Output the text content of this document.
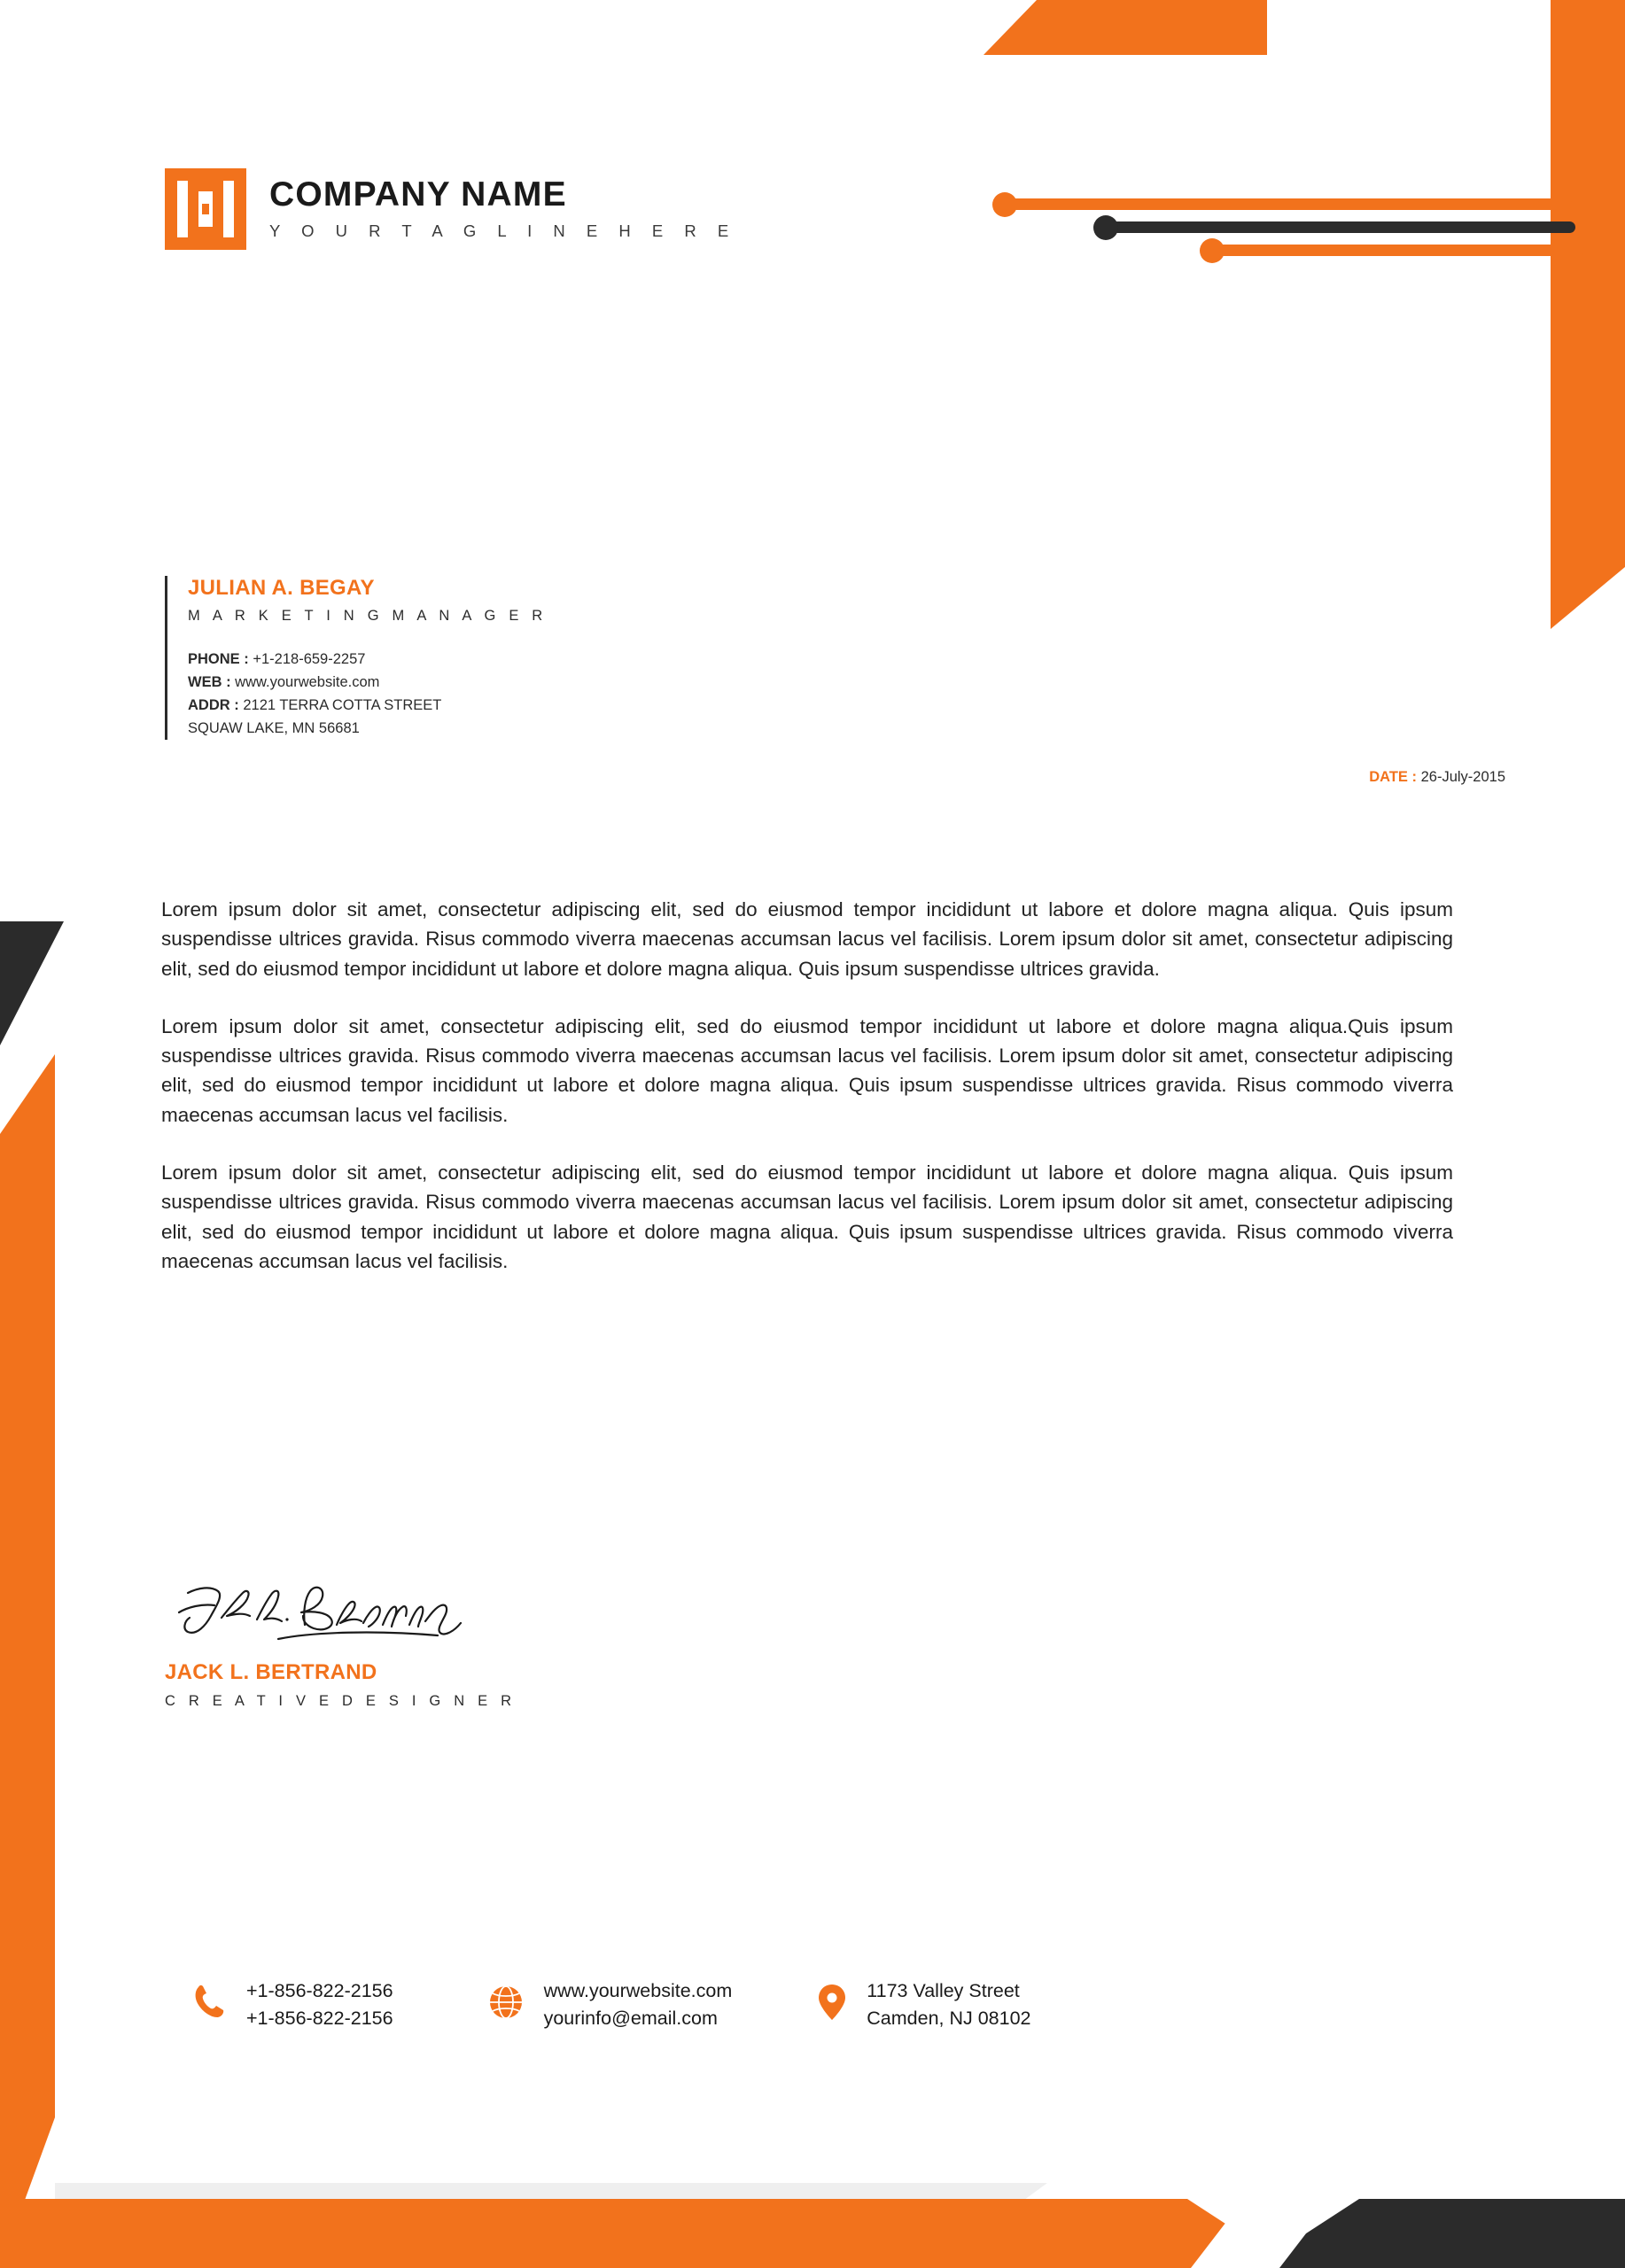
COMPANY NAME
Y O U R T A G L I N E H E R E
JULIAN A. BEGAY
M A R K E T I N G M A N A G E R
PHONE : +1-218-659-2257
WEB : www.yourwebsite.com
ADDR : 2121 TERRA COTTA STREET
SQUAW LAKE, MN 56681
DATE : 26-July-2015

Lorem ipsum dolor sit amet, consectetur adipiscing elit, sed do eiusmod tempor incididunt ut labore et dolore magna aliqua. Quis ipsum suspendisse ultrices gravida. Risus commodo viverra maecenas accumsan lacus vel facilisis. Lorem ipsum dolor sit amet, consectetur adipiscing elit, sed do eiusmod tempor incididunt ut labore et dolore magna aliqua. Quis ipsum suspendisse ultrices gravida.

Lorem ipsum dolor sit amet, consectetur adipiscing elit, sed do eiusmod tempor incididunt ut labore et dolore magna aliqua.Quis ipsum suspendisse ultrices gravida. Risus commodo viverra maecenas accumsan lacus vel facilisis. Lorem ipsum dolor sit amet, consectetur adipiscing elit, sed do eiusmod tempor incididunt ut labore et dolore magna aliqua. Quis ipsum suspendisse ultrices gravida. Risus commodo viverra maecenas accumsan lacus vel facilisis.

Lorem ipsum dolor sit amet, consectetur adipiscing elit, sed do eiusmod tempor incididunt ut labore et dolore magna aliqua. Quis ipsum suspendisse ultrices gravida. Risus commodo viverra maecenas accumsan lacus vel facilisis. Lorem ipsum dolor sit amet, consectetur adipiscing elit, sed do eiusmod tempor incididunt ut labore et dolore magna aliqua. Quis ipsum suspendisse ultrices gravida. Risus commodo viverra maecenas accumsan lacus vel facilisis.

JACK L. BERTRAND
C R E A T I V E D E S I G N E R
+1-856-822-2156
+1-856-822-2156
www.yourwebsite.com
yourinfo@email.com
1173 Valley Street
Camden, NJ 08102
